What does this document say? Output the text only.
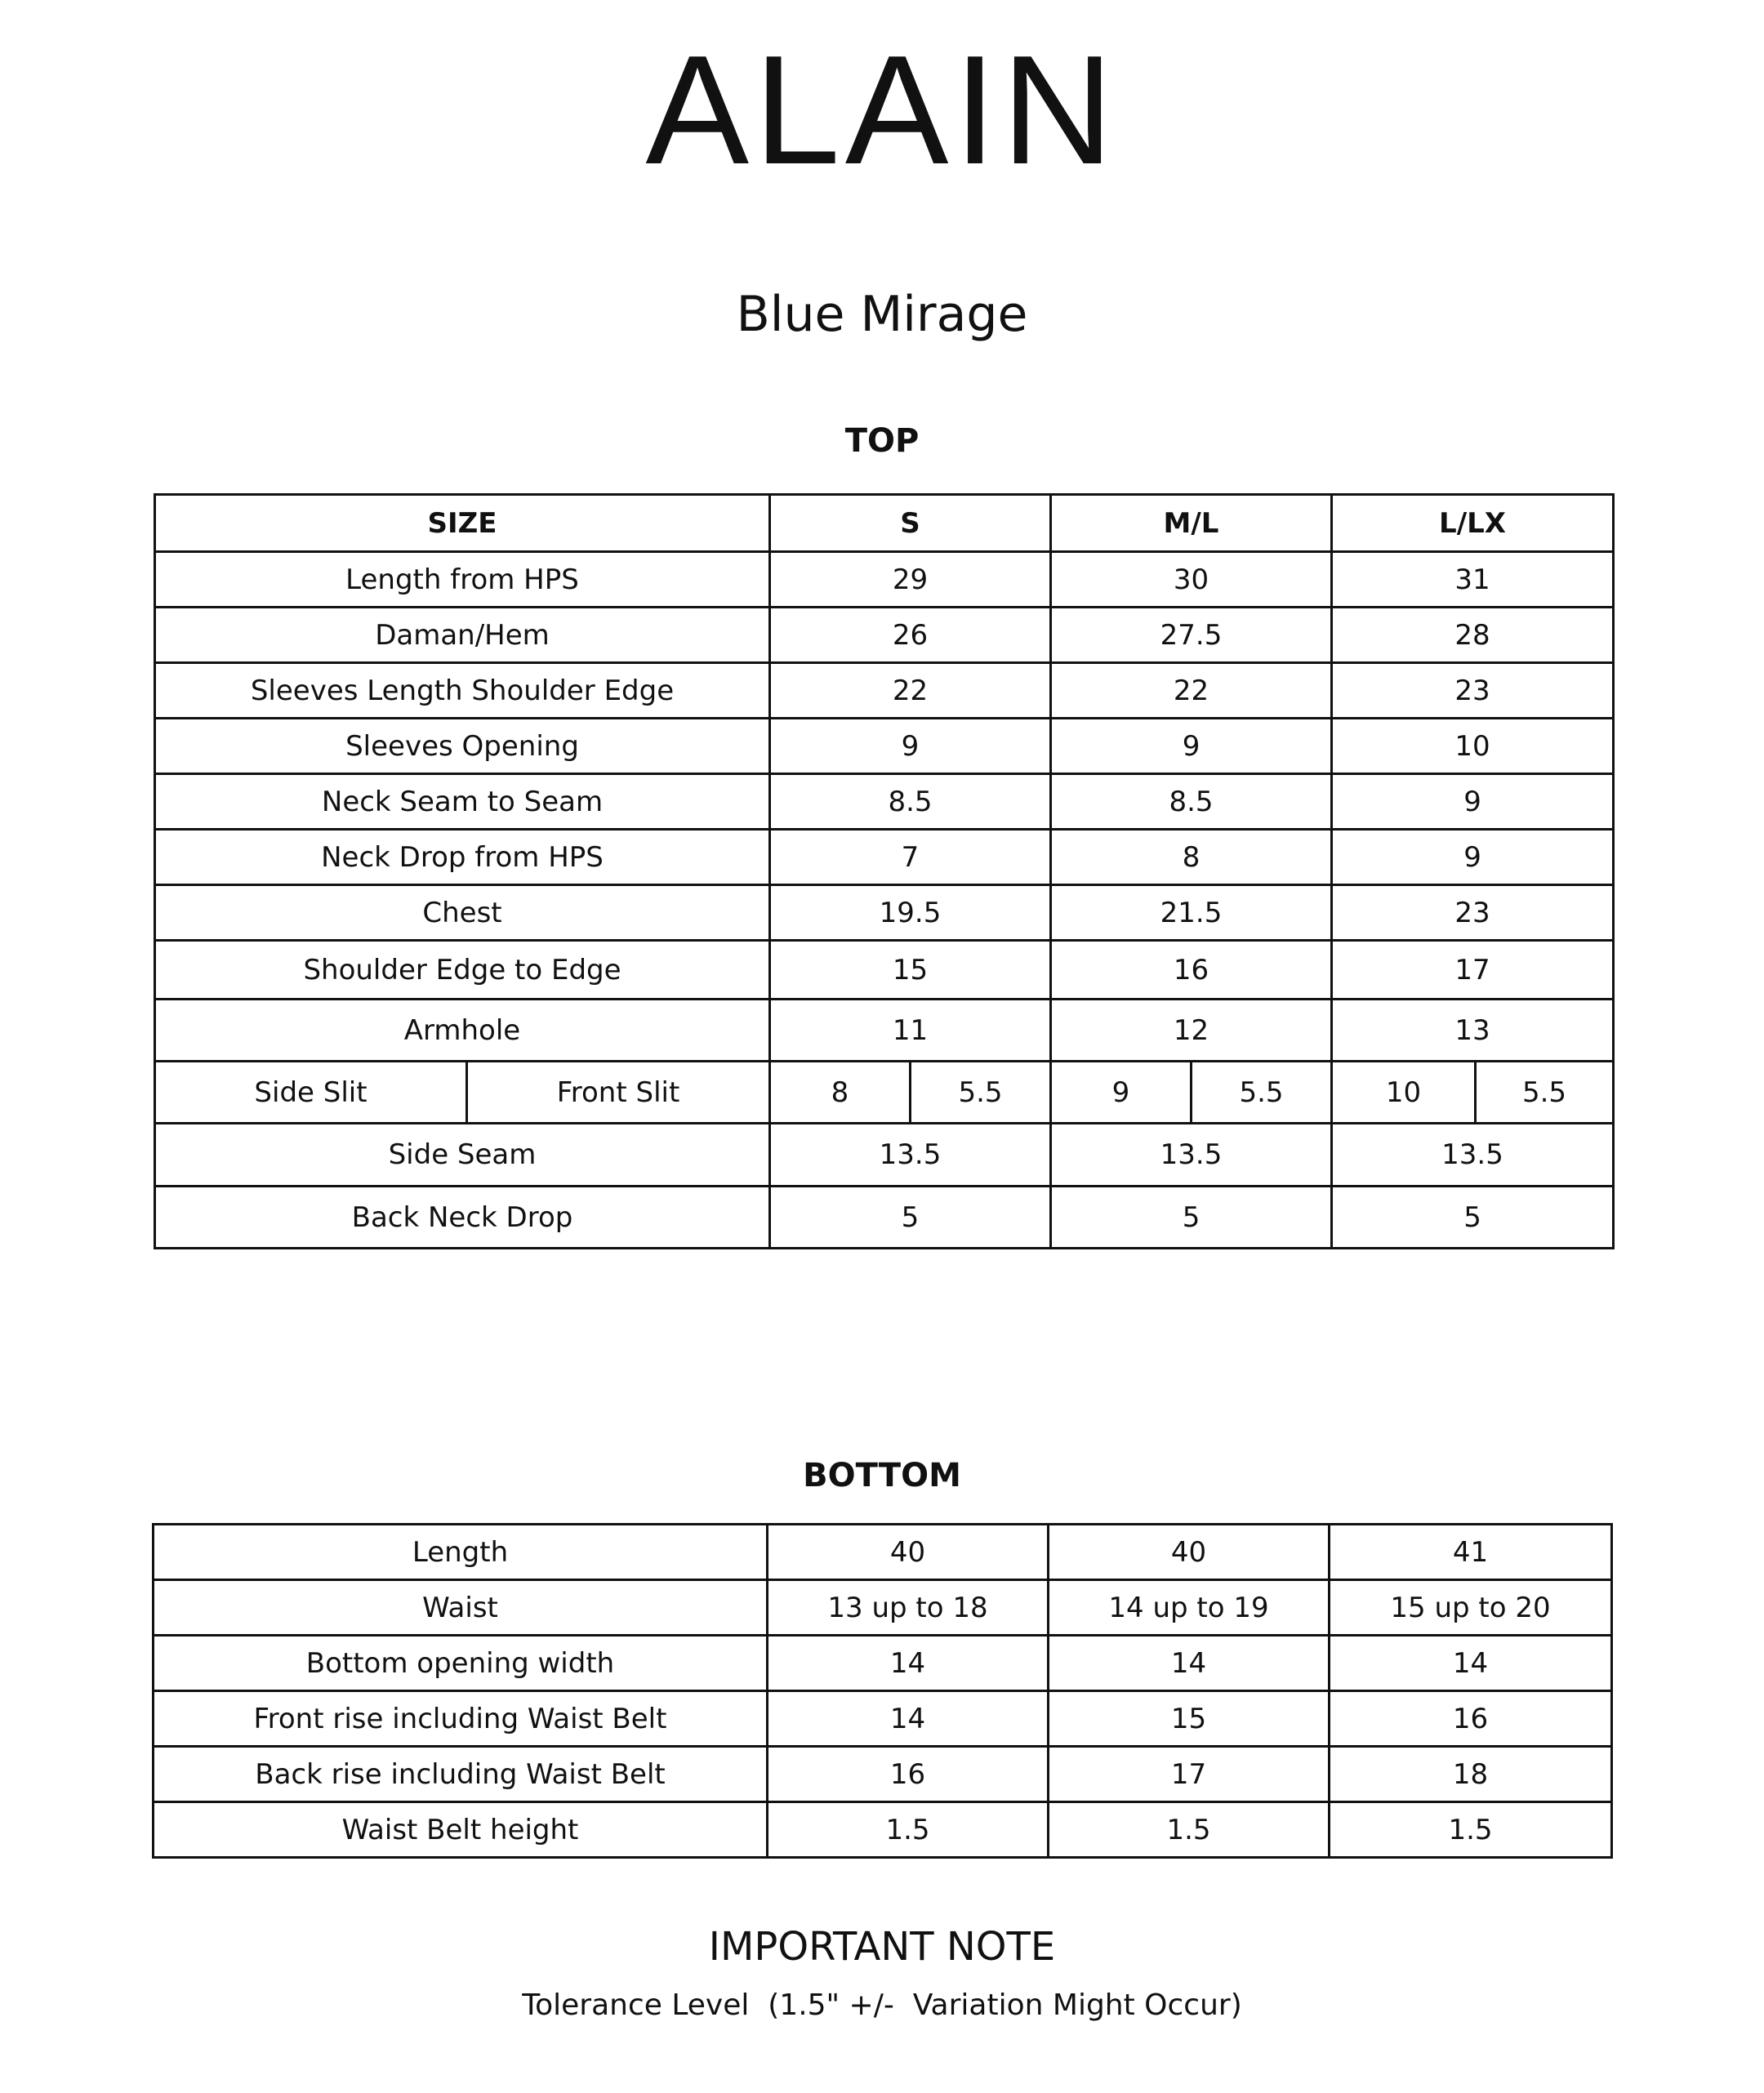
ALAIN
Blue Mirage
TOP
SIZE		S		M/L		L/LX	
Length from HPS		29		30		31	
Daman/Hem		26		27.5		28	
Sleeves Length Shoulder Edge		22		22		23	
Sleeves Opening		9		9		10	
Neck Seam to Seam		8.5		8.5		9	
Neck Drop from HPS		7		8		9	
Chest		19.5		21.5		23	
Shoulder Edge to Edge		15		16		17	
Armhole		11		12		13	
Side Slit	Front Slit	8	5.5	9	5.5	10	5.5
Side Seam		13.5		13.5		13.5	
Back Neck Drop		5		5		5	
BOTTOM
Length	40	40	41
Waist	13 up to 18	14 up to 19	15 up to 20
Bottom opening width	14	14	14
Front rise including Waist Belt	14	15	16
Back rise including Waist Belt	16	17	18
Waist Belt height	1.5	1.5	1.5
IMPORTANT NOTE
Tolerance Level  (1.5" +/-  Variation Might Occur)
